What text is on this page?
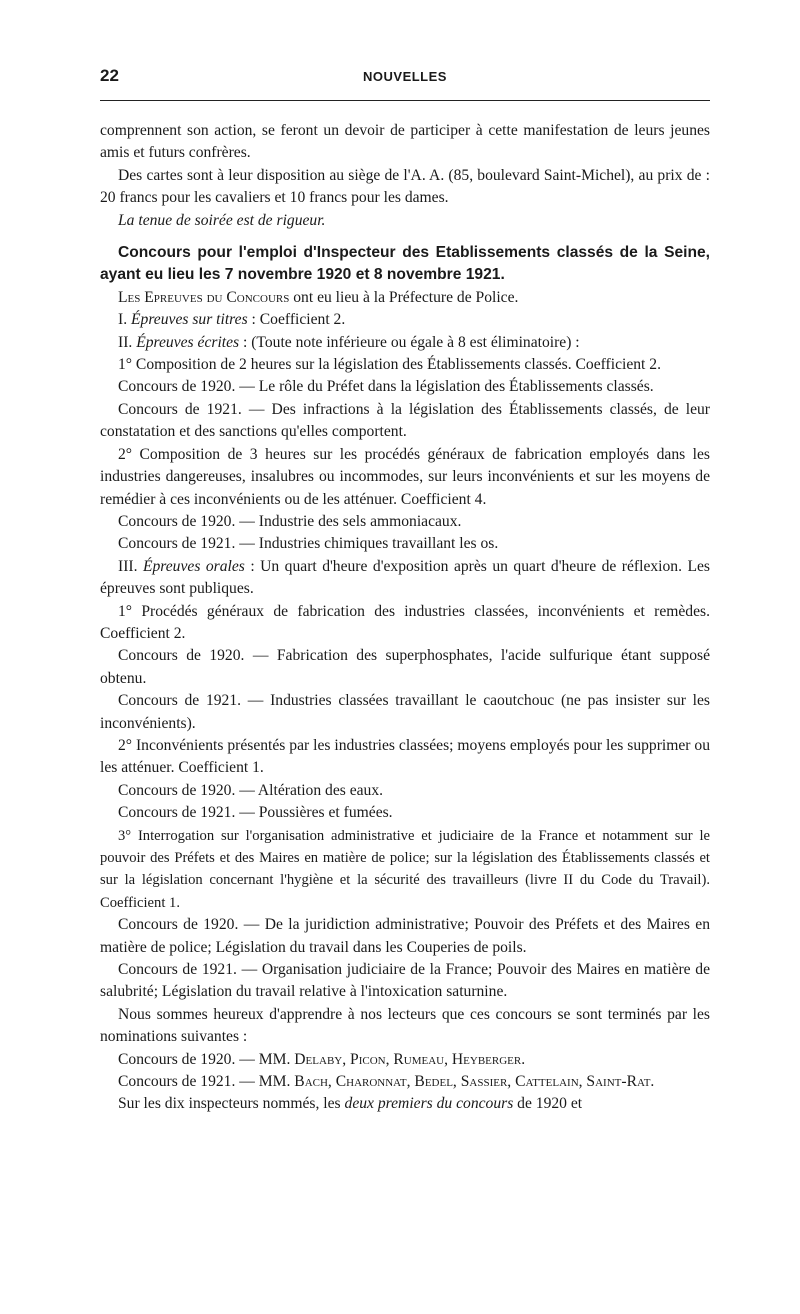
22	NOUVELLES

comprennent son action, se feront un devoir de participer à cette manifestation de leurs jeunes amis et futurs confrères.

Des cartes sont à leur disposition au siège de l'A. A. (85, boulevard Saint-Michel), au prix de : 20 francs pour les cavaliers et 10 francs pour les dames.

La tenue de soirée est de rigueur.

Concours pour l'emploi d'Inspecteur des Etablissements classés de la Seine, ayant eu lieu les 7 novembre 1920 et 8 novembre 1921.

Les Epreuves du Concours ont eu lieu à la Préfecture de Police.

I. Épreuves sur titres : Coefficient 2.

II. Épreuves écrites : (Toute note inférieure ou égale à 8 est éliminatoire) :

1° Composition de 2 heures sur la législation des Établissements classés. Coefficient 2.

Concours de 1920. — Le rôle du Préfet dans la législation des Établissements classés.

Concours de 1921. — Des infractions à la législation des Établissements classés, de leur constatation et des sanctions qu'elles comportent.

2° Composition de 3 heures sur les procédés généraux de fabrication employés dans les industries dangereuses, insalubres ou incommodes, sur leurs inconvénients et sur les moyens de remédier à ces inconvénients ou de les atténuer. Coefficient 4.

Concours de 1920. — Industrie des sels ammoniacaux.

Concours de 1921. — Industries chimiques travaillant les os.

III. Épreuves orales : Un quart d'heure d'exposition après un quart d'heure de réflexion. Les épreuves sont publiques.

1° Procédés généraux de fabrication des industries classées, inconvénients et remèdes. Coefficient 2.

Concours de 1920. — Fabrication des superphosphates, l'acide sulfurique étant supposé obtenu.

Concours de 1921. — Industries classées travaillant le caoutchouc (ne pas insister sur les inconvénients).

2° Inconvénients présentés par les industries classées; moyens employés pour les supprimer ou les atténuer. Coefficient 1.

Concours de 1920. — Altération des eaux.

Concours de 1921. — Poussières et fumées.

3° Interrogation sur l'organisation administrative et judiciaire de la France et notamment sur le pouvoir des Préfets et des Maires en matière de police; sur la législation des Établissements classés et sur la législation concernant l'hygiène et la sécurité des travailleurs (livre II du Code du Travail). Coefficient 1.

Concours de 1920. — De la juridiction administrative; Pouvoir des Préfets et des Maires en matière de police; Législation du travail dans les Couperies de poils.

Concours de 1921. — Organisation judiciaire de la France; Pouvoir des Maires en matière de salubrité; Législation du travail relative à l'intoxication saturnine.

Nous sommes heureux d'apprendre à nos lecteurs que ces concours se sont terminés par les nominations suivantes :

Concours de 1920. — MM. Delaby, Picon, Rumeau, Heyberger.

Concours de 1921. — MM. Bach, Charonnat, Bedel, Sassier, Cattelain, Saint-Rat.

Sur les dix inspecteurs nommés, les deux premiers du concours de 1920 et
